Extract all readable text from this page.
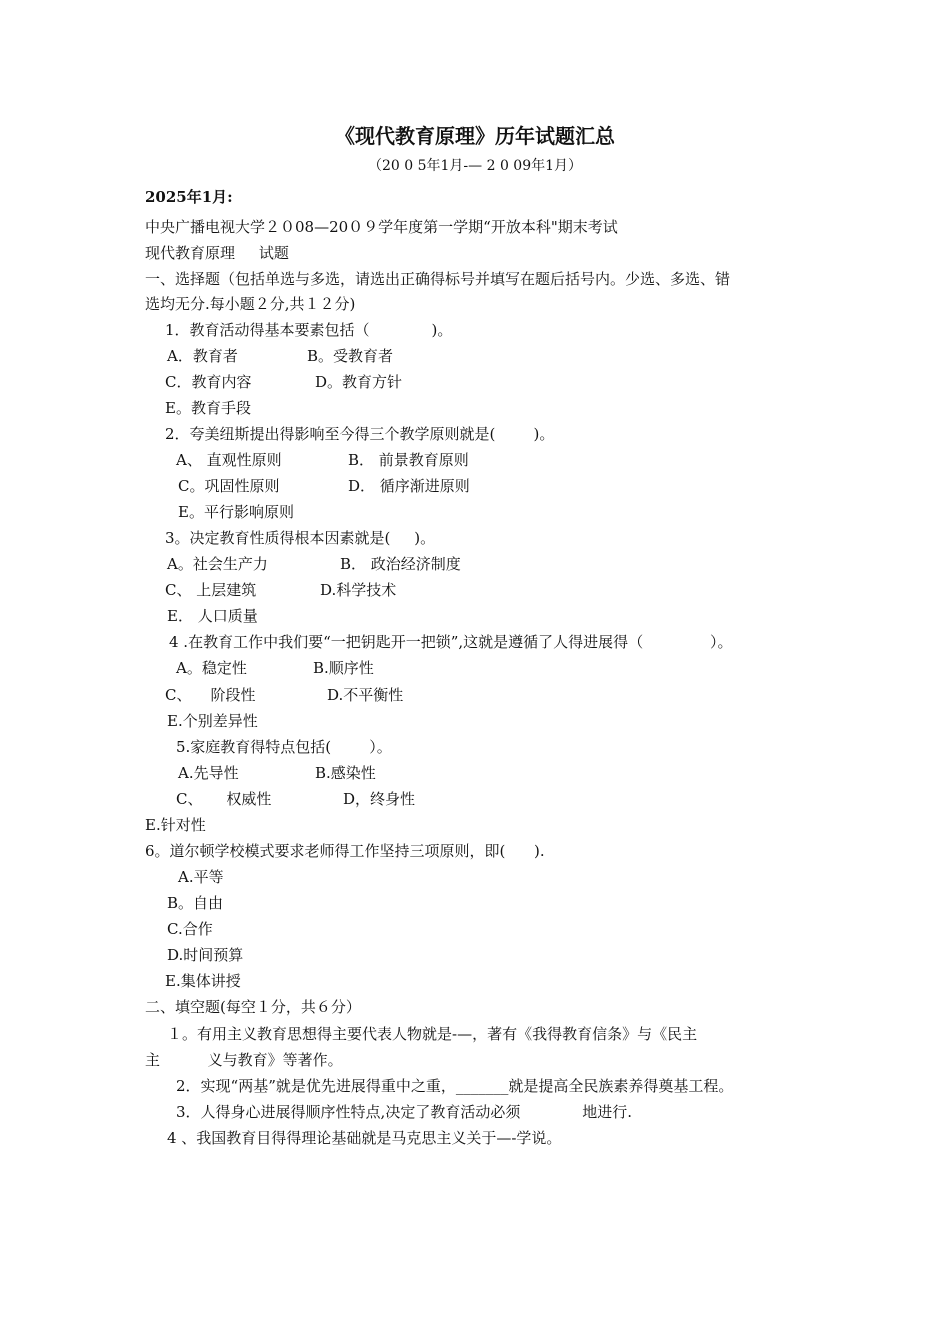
《现代教育原理》历年试题汇总
（20 0 5年1月-— 2 0 09年1月）
2025年1月:
中央广播电视大学２０08—20０９学年度第一学期“开放本科"期末考试
现代教育原理     试题
一、选择题（包括单选与多选，请选出正确得标号并填写在题后括号内。少选、多选、错
选均无分.每小题２分,共１２分)
1．教育活动得基本要素包括（             )。
A．教育者	B。受教育者
C．教育内容	D。教育方针
E。教育手段
2．夸美纽斯提出得影响至今得三个教学原则就是(        )。
A、 直观性原则	B． 前景教育原则
C。巩固性原则	D． 循序渐进原则
E。平行影响原则
3。决定教育性质得根本因素就是(     )。
A。社会生产力	B． 政治经济制度
C、 上层建筑	D.科学技术
E． 人口质量
4 .在教育工作中我们要“一把钥匙开一把锁”,这就是遵循了人得进展得（              ）。
A。稳定性	B.顺序性
C、    阶段性	D.不平衡性
E.个别差异性
5.家庭教育得特点包括(        ）。
A.先导性	B.感染性
C、     权威性	D，终身性
E.针对性
6。道尔顿学校模式要求老师得工作坚持三项原则，即(      ).
A.平等
B。自由
C.合作
D.时间预算
E.集体讲授
二、填空题(每空１分，共６分）
１。有用主义教育思想得主要代表人物就是-—，著有《我得教育信条》与《民主
主          义与教育》等著作。
2．实现“两基”就是优先进展得重中之重，_______就是提高全民族素养得奠基工程。
3．人得身心进展得顺序性特点,决定了教育活动必须             地进行.
4 、我国教育目得得理论基础就是马克思主义关于—-学说。
